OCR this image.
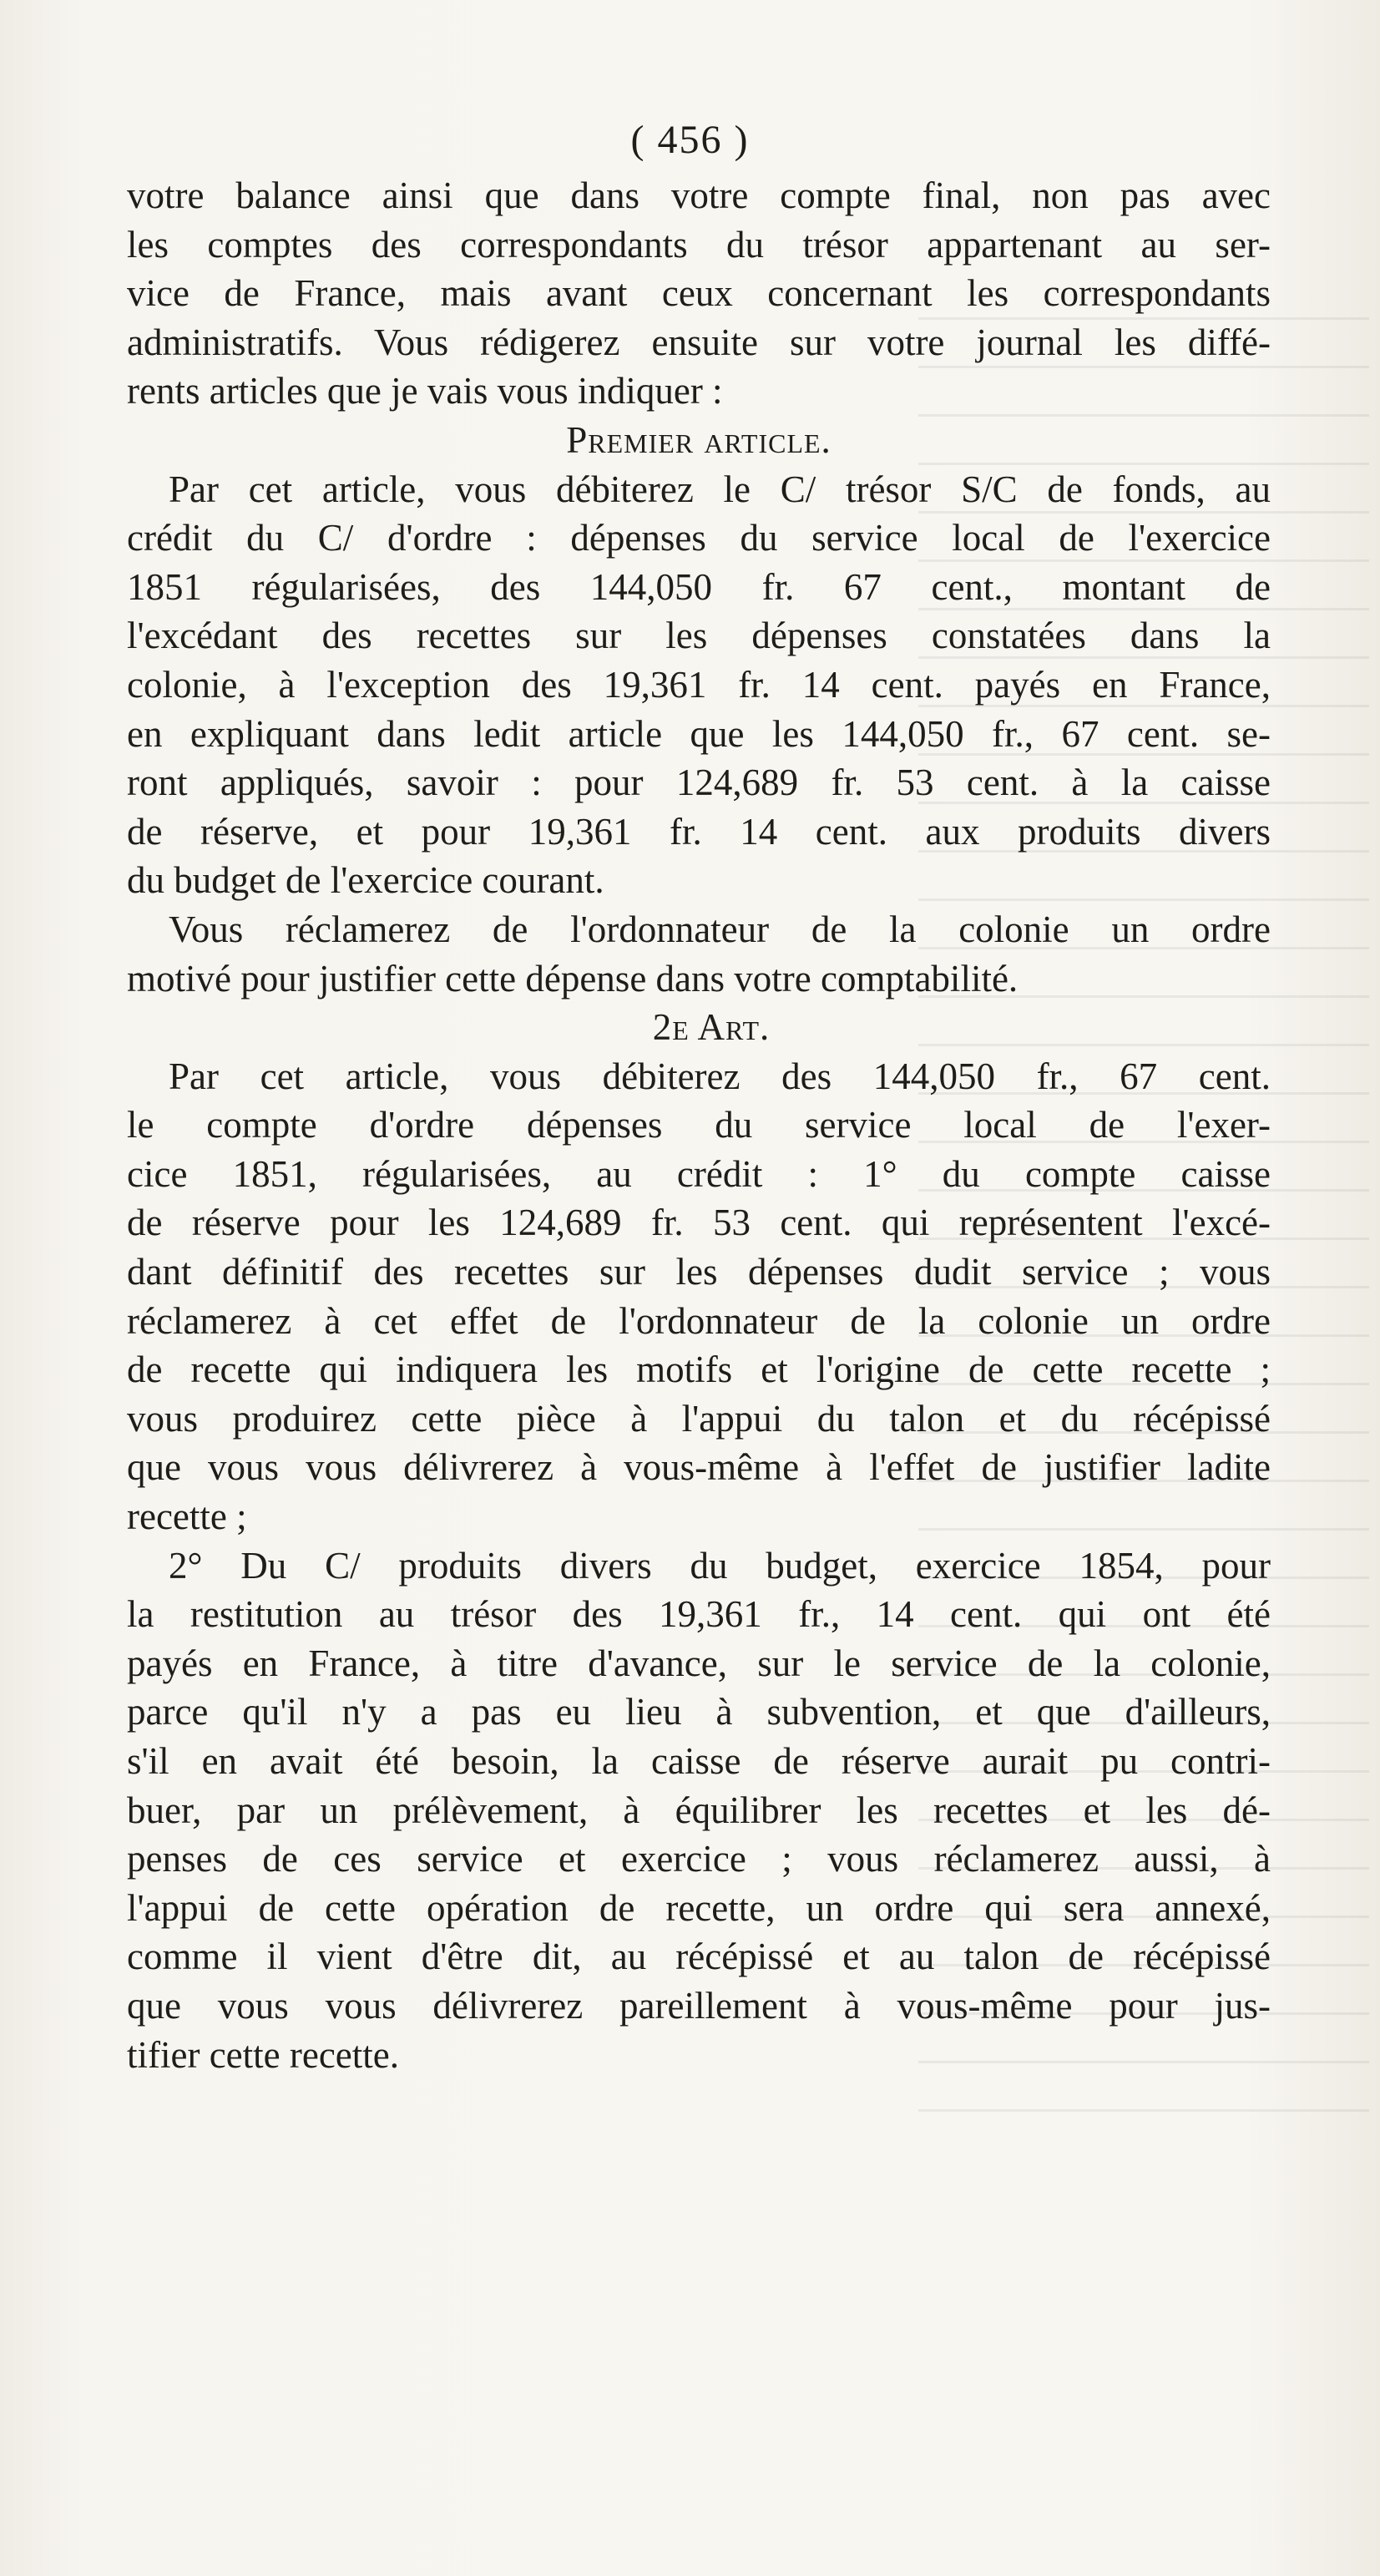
( 456 )

votre balance ainsi que dans votre compte final, non pas avec

les comptes des correspondants du trésor appartenant au ser-

vice de France, mais avant ceux concernant les correspondants

administratifs. Vous rédigerez ensuite sur votre journal les diffé-

rents articles que je vais vous indiquer :

Premier article.

Par cet article, vous débiterez le C/ trésor S/C de fonds, au

crédit du C/ d'ordre : dépenses du service local de l'exercice

1851 régularisées, des 144,050 fr. 67 cent., montant de

l'excédant des recettes sur les dépenses constatées dans la

colonie, à l'exception des 19,361 fr. 14 cent. payés en France,

en expliquant dans ledit article que les 144,050 fr., 67 cent. se-

ront appliqués, savoir : pour 124,689 fr. 53 cent. à la caisse

de réserve, et pour 19,361 fr. 14 cent. aux produits divers

du budget de l'exercice courant.

Vous réclamerez de l'ordonnateur de la colonie un ordre

motivé pour justifier cette dépense dans votre comptabilité.

2e Art.

Par cet article, vous débiterez des 144,050 fr., 67 cent.

le compte d'ordre dépenses du service local de l'exer-

cice 1851, régularisées, au crédit : 1° du compte caisse

de réserve pour les 124,689 fr. 53 cent. qui représentent l'excé-

dant définitif des recettes sur les dépenses dudit service ; vous

réclamerez à cet effet de l'ordonnateur de la colonie un ordre

de recette qui indiquera les motifs et l'origine de cette recette ;

vous produirez cette pièce à l'appui du talon et du récépissé

que vous vous délivrerez à vous-même à l'effet de justifier ladite

recette ;

2° Du C/ produits divers du budget, exercice 1854, pour

la restitution au trésor des 19,361 fr., 14 cent. qui ont été

payés en France, à titre d'avance, sur le service de la colonie,

parce qu'il n'y a pas eu lieu à subvention, et que d'ailleurs,

s'il en avait été besoin, la caisse de réserve aurait pu contri-

buer, par un prélèvement, à équilibrer les recettes et les dé-

penses de ces service et exercice ; vous réclamerez aussi, à

l'appui de cette opération de recette, un ordre qui sera annexé,

comme il vient d'être dit, au récépissé et au talon de récépissé

que vous vous délivrerez pareillement à vous-même pour jus-

tifier cette recette.
